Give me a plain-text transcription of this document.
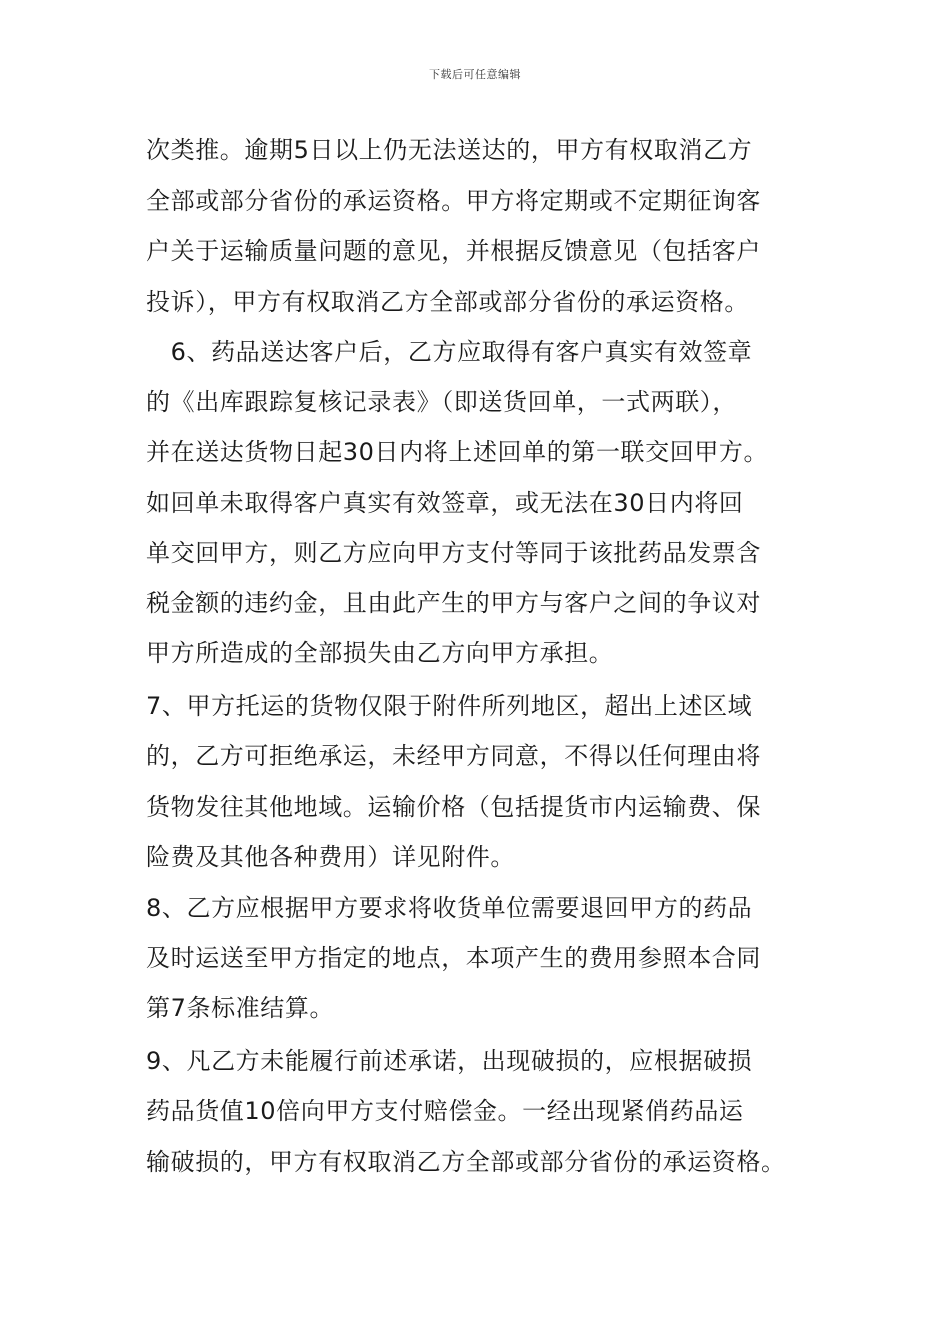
下载后可任意编辑
次类推。逾期5日以上仍无法送达的，甲方有权取消乙方
全部或部分省份的承运资格。甲方将定期或不定期征询客
户关于运输质量问题的意见，并根据反馈意见（包括客户
投诉），甲方有权取消乙方全部或部分省份的承运资格。
　6、药品送达客户后，乙方应取得有客户真实有效签章
的《出库跟踪复核记录表》（即送货回单，一式两联），
并在送达货物日起30日内将上述回单的第一联交回甲方。
如回单未取得客户真实有效签章，或无法在30日内将回
单交回甲方，则乙方应向甲方支付等同于该批药品发票含
税金额的违约金，且由此产生的甲方与客户之间的争议对
甲方所造成的全部损失由乙方向甲方承担。
7、甲方托运的货物仅限于附件所列地区，超出上述区域
的，乙方可拒绝承运，未经甲方同意，不得以任何理由将
货物发往其他地域。运输价格（包括提货市内运输费、保
险费及其他各种费用）详见附件。
8、乙方应根据甲方要求将收货单位需要退回甲方的药品
及时运送至甲方指定的地点，本项产生的费用参照本合同
第7条标准结算。
9、凡乙方未能履行前述承诺，出现破损的，应根据破损
药品货值10倍向甲方支付赔偿金。一经出现紧俏药品运
输破损的，甲方有权取消乙方全部或部分省份的承运资格。
